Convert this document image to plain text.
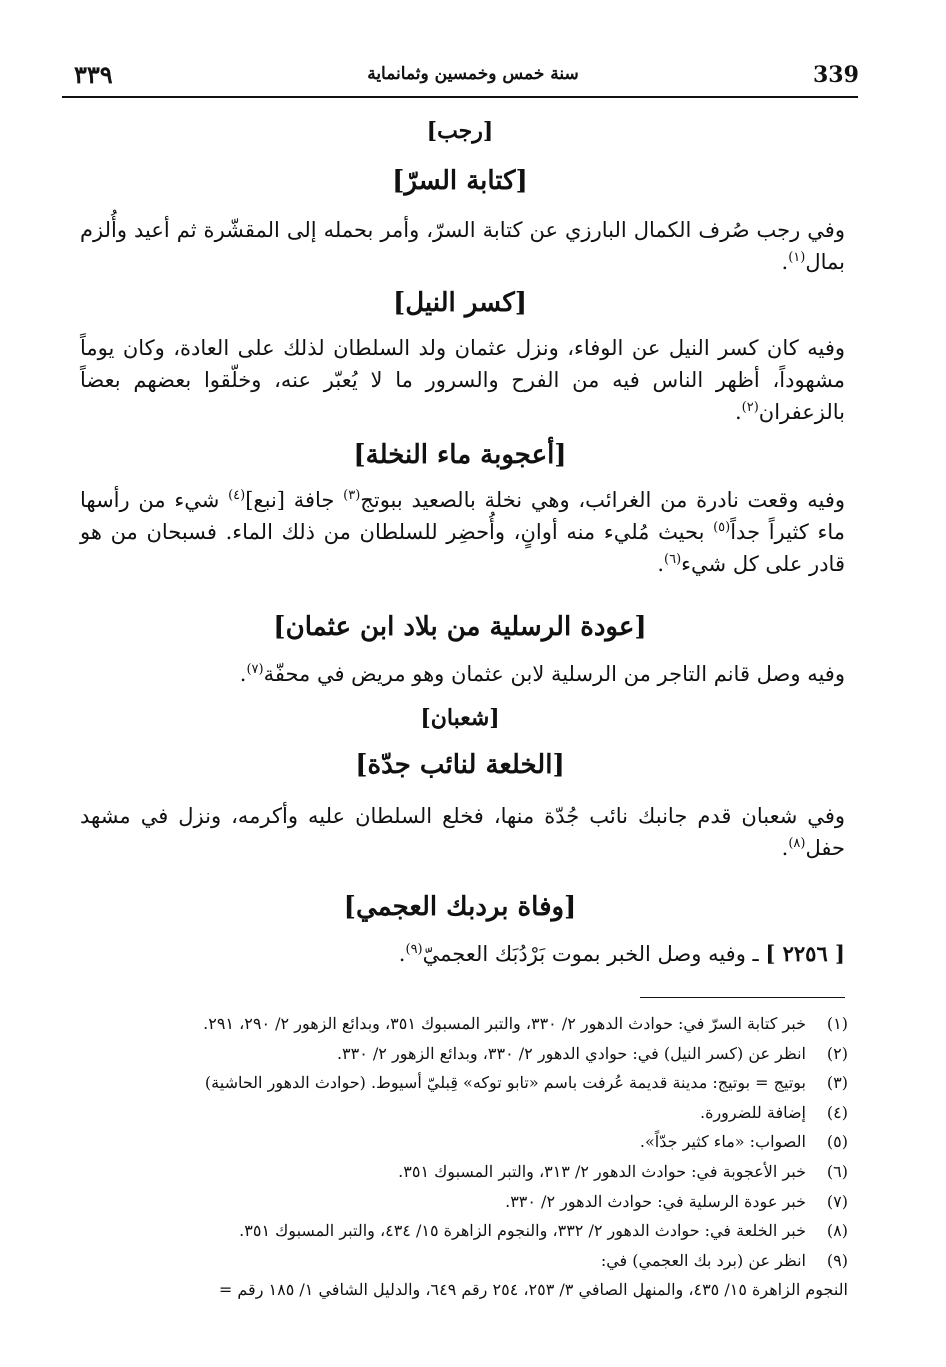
339
سنة خمس وخمسين وثمانماية
٣٣٩
[رجب]
[كتابة السرّ]
وفي رجب صُرف الكمال البارزي عن كتابة السرّ، وأمر بحمله إلى المقشّرة ثم أعيد وأُلزم بمال$^{(١)}$.
[كسر النيل]
وفيه كان كسر النيل عن الوفاء، ونزل عثمان ولد السلطان لذلك على العادة، وكان يوماً مشهوداً، أظهر الناس فيه من الفرح والسرور ما لا يُعبّر عنه، وخلّقوا بعضهم بعضاً بالزعفران$^{(٢)}$.
[أعجوبة ماء النخلة]
وفيه وقعت نادرة من الغرائب، وهي نخلة بالصعيد ببوتج$^{(٣)}$ جافة [نبع]$^{(٤)}$ شيء من رأسها ماء كثيراً جداً$^{(٥)}$ بحيث مُليء منه أوانٍ، وأُحضِر للسلطان من ذلك الماء. فسبحان من هو قادر على كل شيء$^{(٦)}$.
[عودة الرسلية من بلاد ابن عثمان]
وفيه وصل قانم التاجر من الرسلية لابن عثمان وهو مريض في محفّة$^{(٧)}$.
[شعبان]
[الخلعة لنائب جدّة]
وفي شعبان قدم جانبك نائب جُدّة منها، فخلع السلطان عليه وأكرمه، ونزل في مشهد حفل$^{(٨)}$.
[وفاة بردبك العجمي]
[ ٢٢٥٦ ] ـ وفيه وصل الخبر بموت بَرْدُبَك العجميّ$^{(٩)}$.
(١)
خبر كتابة السرّ في: حوادث الدهور ٢/ ٣٣٠، والتبر المسبوك ٣٥١، وبدائع الزهور ٢/ ٢٩٠، ٢٩١.
(٢)
انظر عن (كسر النيل) في: حوادي الدهور ٢/ ٣٣٠، وبدائع الزهور ٢/ ٣٣٠.
(٣)
بوتيج = بوتيج: مدينة قديمة عُرفت باسم «تابو توكه» قِبليّ أسيوط. (حوادث الدهور الحاشية)
(٤)
إضافة للضرورة.
(٥)
الصواب: «ماء كثير جدّاً».
(٦)
خبر الأعجوبة في: حوادث الدهور ٢/ ٣١٣، والتبر المسبوك ٣٥١.
(٧)
خبر عودة الرسلية في: حوادث الدهور ٢/ ٣٣٠.
(٨)
خبر الخلعة في: حوادث الدهور ٢/ ٣٣٢، والنجوم الزاهرة ١٥/ ٤٣٤، والتبر المسبوك ٣٥١.
(٩)
انظر عن (برد بك العجمي) في:
النجوم الزاهرة ١٥/ ٤٣٥، والمنهل الصافي ٣/ ٢٥٣، ٢٥٤ رقم ٦٤٩، والدليل الشافي ١/ ١٨٥ رقم =
